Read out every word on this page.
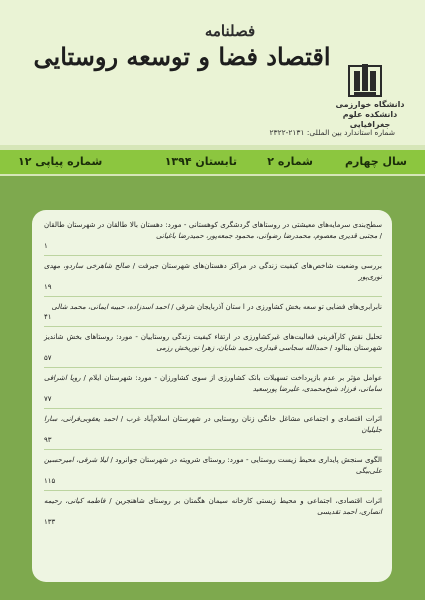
فصلنامه
اقتصاد فضا و توسعه روستایی
دانشگاه خوارزمی
دانشکده علوم جغرافیایی
شماره استاندارد بین المللی: ۲۱۳۱-۲۳۲۲
سال چهارم
شماره ۲
تابستان ۱۳۹۴
شماره پیاپی ۱۲
سطح‌بندی سرمایه‌های معیشتی در روستاهای گردشگری کوهستانی - مورد: دهستان بالا طالقان در شهرستان طالقان / مجتبی قدیری معصوم، محمدرضا رضوانی، محمود جمعه‌پور، حمیدرضا باغیانی
۱
بررسی وضعیت شاخص‌های کیفیت زندگی در مراکز دهستان‌های شهرستان جیرفت / صالح شاهرخی ساردو، مهدی نوری‌پور
۱۹
نابرابری‌های فضایی تو سعه بخش کشاورزی در ا ستان آذربایجان شرقی / احمد اسدزاده، حبیبه ایمانی، محمد شالی
۴۱
تحلیل نقش کارآفرینی فعالیت‌های غیرکشاورزی در ارتقاء کیفیت زندگی روستاییان - مورد: روستاهای بخش شاندیز شهرستان بینالود / حمدالله سجاسی قیداری، حمید شایان، زهرا نوریخش رزمی
۵۷
عوامل مؤثر بر عدم بازپرداخت تسهیلات بانک کشاورزی از سوی کشاورزان - مورد: شهرستان ایلام / رویا اشرافی سامانی، فرزاد شیخ‌محمدی، علیرضا پورسعید
۷۷
اثرات اقتصادی و اجتماعی مشاغل خانگی زنان روستایی در شهرستان اسلام‌آباد غرب / احمد یعقوبی‌فرانی، سارا جلیلیان
۹۳
الگوی سنجش پایداری محیط زیست روستایی - مورد: روستای شرویته در شهرستان جوانرود / لیلا شرفی، امیرحسین علی‌بیگی
۱۱۵
اثرات اقتصادی، اجتماعی و محیط زیستی کارخانه سیمان هگمتان بر روستای شاهنجرین / فاطمه کیانی، رحیمه انصاری، احمد تقدیسی
۱۳۳
